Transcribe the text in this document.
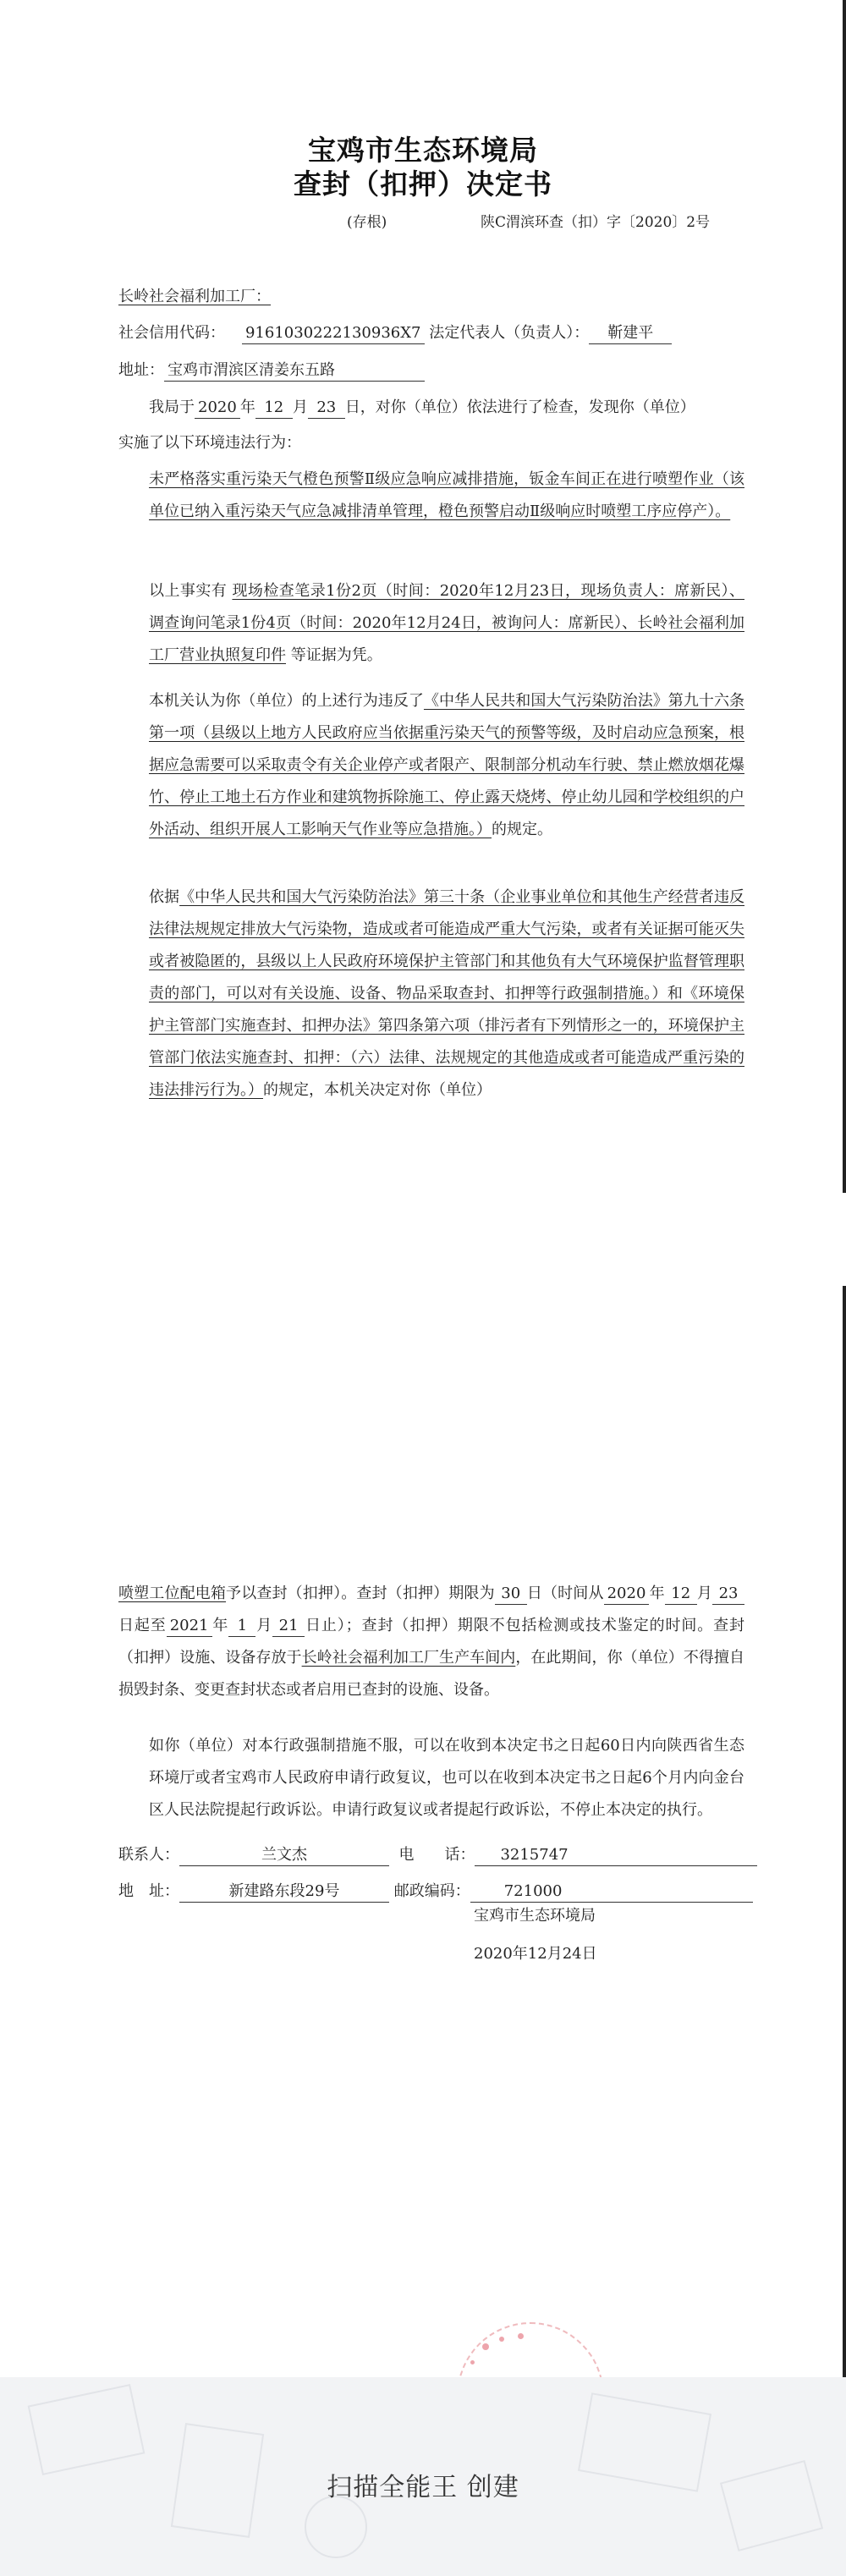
宝鸡市生态环境局
查封（扣押）决定书
(存根)	陕C渭滨环查（扣）字〔2020〕2号
长岭社会福利加工厂：
社会信用代码： 9161030222130936X7 法定代表人（负责人）： 靳建平
地址： 宝鸡市渭滨区清姜东五路
我局于 2020 年 12 月 23 日，对你（单位）依法进行了检查，发现你（单位）
实施了以下环境违法行为：
未严格落实重污染天气橙色预警Ⅱ级应急响应减排措施，钣金车间正在进行喷塑作业（该单位已纳入重污染天气应急减排清单管理，橙色预警启动Ⅱ级响应时喷塑工序应停产）。
以上事实有 现场检查笔录1份2页（时间：2020年12月23日，现场负责人：席新民）、调查询问笔录1份4页（时间：2020年12月24日，被询问人：席新民）、长岭社会福利加工厂营业执照复印件 等证据为凭。
本机关认为你（单位）的上述行为违反了《中华人民共和国大气污染防治法》第九十六条第一项（县级以上地方人民政府应当依据重污染天气的预警等级，及时启动应急预案，根据应急需要可以采取责令有关企业停产或者限产、限制部分机动车行驶、禁止燃放烟花爆竹、停止工地土石方作业和建筑物拆除施工、停止露天烧烤、停止幼儿园和学校组织的户外活动、组织开展人工影响天气作业等应急措施。）的规定。
依据《中华人民共和国大气污染防治法》第三十条（企业事业单位和其他生产经营者违反法律法规规定排放大气污染物，造成或者可能造成严重大气污染，或者有关证据可能灭失或者被隐匿的，县级以上人民政府环境保护主管部门和其他负有大气环境保护监督管理职责的部门，可以对有关设施、设备、物品采取查封、扣押等行政强制措施。）和《环境保护主管部门实施查封、扣押办法》第四条第六项（排污者有下列情形之一的，环境保护主管部门依法实施查封、扣押：（六）法律、法规规定的其他造成或者可能造成严重污染的违法排污行为。）的规定，本机关决定对你（单位）
喷塑工位配电箱予以查封（扣押）。查封（扣押）期限为 30 日（时间从 2020 年 12 月 23日起至 2021 年 1 月 21 日止）；查封（扣押）期限不包括检测或技术鉴定的时间。查封（扣押）设施、设备存放于长岭社会福利加工厂生产车间内，在此期间，你（单位）不得擅自损毁封条、变更查封状态或者启用已查封的设施、设备。
如你（单位）对本行政强制措施不服，可以在收到本决定书之日起60日内向陕西省生态环境厅或者宝鸡市人民政府申请行政复议，也可以在收到本决定书之日起6个月内向金台区人民法院提起行政诉讼。申请行政复议或者提起行政诉讼，不停止本决定的执行。
联系人：	兰文杰	电　　话： 3215747
地　址：	新建路东段29号	邮政编码： 721000
宝鸡市生态环境局
2020年12月24日
扫描全能王 创建
